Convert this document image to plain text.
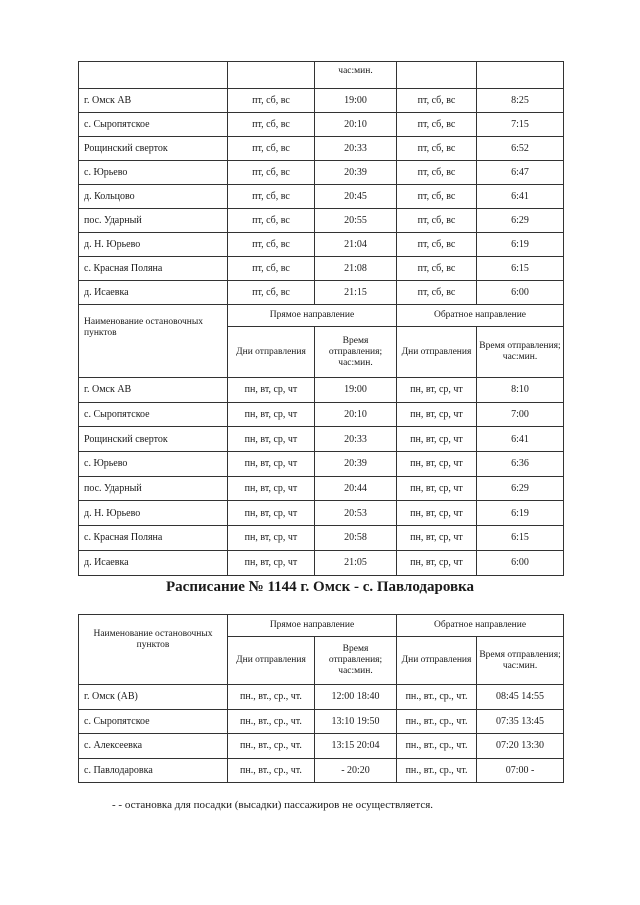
		час:мин.		
г. Омск АВ	пт, сб, вс	19:00	пт, сб, вс	8:25
с. Сыропятское	пт, сб, вс	20:10	пт, сб, вс	7:15
Рощинский сверток	пт, сб, вс	20:33	пт, сб, вс	6:52
с. Юрьево	пт, сб, вс	20:39	пт, сб, вс	6:47
д. Кольцово	пт, сб, вс	20:45	пт, сб, вс	6:41
пос. Ударный	пт, сб, вс	20:55	пт, сб, вс	6:29
д. Н. Юрьево	пт, сб, вс	21:04	пт, сб, вс	6:19
с. Красная Поляна	пт, сб, вс	21:08	пт, сб, вс	6:15
д. Исаевка	пт, сб, вс	21:15	пт, сб, вс	6:00
Наименование остановочных пунктов	Прямое направление		Обратное направление	
	Дни отправления	Время отправления; час:мин.	Дни отправления	Время отправления; час:мин.
г. Омск АВ	пн, вт, ср, чт	19:00	пн, вт, ср, чт	8:10
с. Сыропятское	пн, вт, ср, чт	20:10	пн, вт, ср, чт	7:00
Рощинский сверток	пн, вт, ср, чт	20:33	пн, вт, ср, чт	6:41
с. Юрьево	пн, вт, ср, чт	20:39	пн, вт, ср, чт	6:36
пос. Ударный	пн, вт, ср, чт	20:44	пн, вт, ср, чт	6:29
д. Н. Юрьево	пн, вт, ср, чт	20:53	пн, вт, ср, чт	6:19
с. Красная Поляна	пн, вт, ср, чт	20:58	пн, вт, ср, чт	6:15
д. Исаевка	пн, вт, ср, чт	21:05	пн, вт, ср, чт	6:00
Расписание № 1144 г. Омск - с. Павлодаровка
Наименование остановочных пунктов	Прямое направление		Обратное направление	
	Дни отправления	Время отправления; час:мин.	Дни отправления	Время отправления; час:мин.
г. Омск (АВ)	пн., вт., ср., чт.	12:00 18:40	пн., вт., ср., чт.	08:45 14:55
с. Сыропятское	пн., вт., ср., чт.	13:10 19:50	пн., вт., ср., чт.	07:35 13:45
с. Алексеевка	пн., вт., ср., чт.	13:15 20:04	пн., вт., ср., чт.	07:20 13:30
с. Павлодаровка	пн., вт., ср., чт.	- 20:20	пн., вт., ср., чт.	07:00 -
- - остановка для посадки (высадки) пассажиров не осуществляется.
